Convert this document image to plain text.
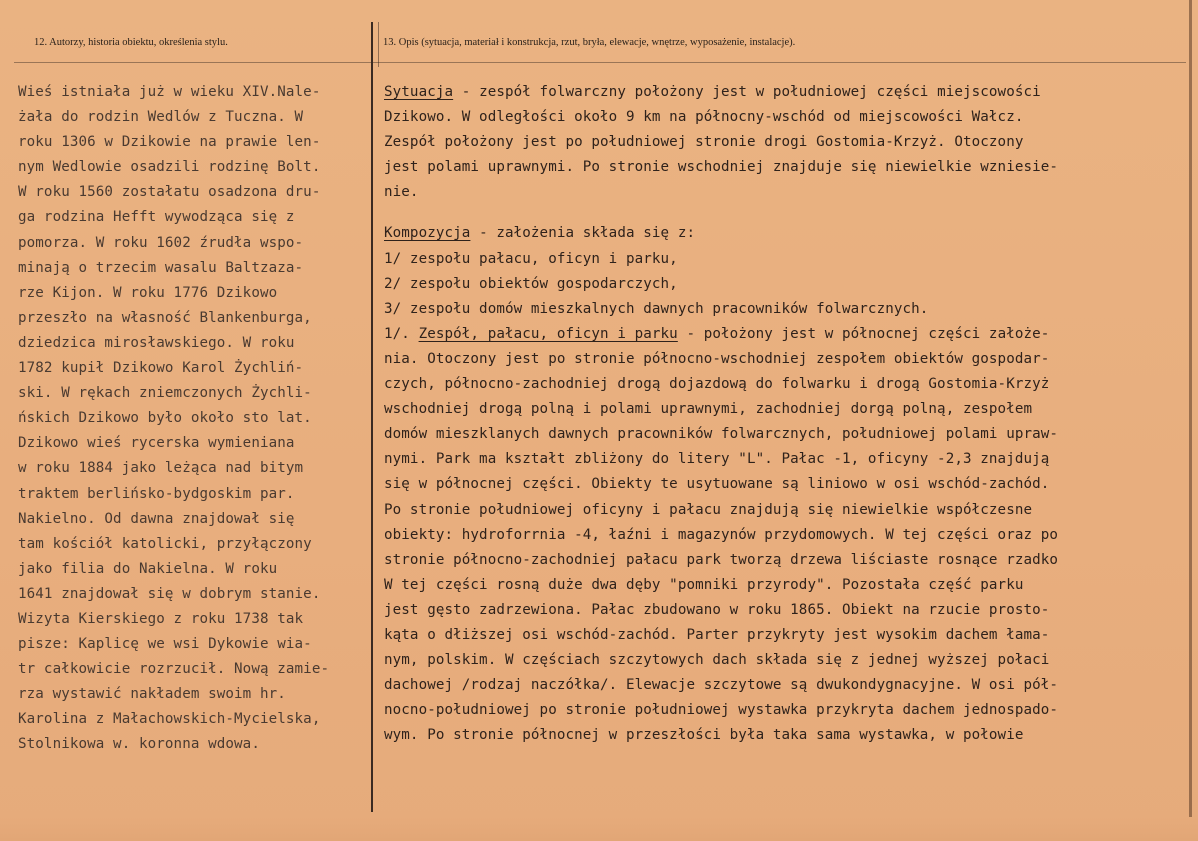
12. Autorzy, historia obiektu, określenia stylu.	13. Opis (sytuacja, materiał i konstrukcja, rzut, bryła, elewacje, wnętrze, wyposażenie, instalacje).
Wieś istniała już w wieku XIV.Nale-
żała do rodzin Wedlów z Tuczna. W
roku 1306 w Dzikowie na prawie len-
nym Wedlowie osadzili rodzinę Bolt.
W roku 1560 zostałatu osadzona dru-
ga rodzina Hefft wywodząca się z
pomorza. W roku 1602 źrudła wspo-
minają o trzecim wasalu Baltzaza-
rze Kijon. W roku 1776 Dzikowo
przeszło na własność Blankenburga,
dziedzica mirosławskiego. W roku
1782 kupił Dzikowo Karol Żychliń-
ski. W rękach zniemczonych Żychli-
ńskich Dzikowo było około sto lat.
Dzikowo wieś rycerska wymieniana
w roku 1884 jako leżąca nad bitym
traktem berlińsko-bydgoskim par.
Nakielno. Od dawna znajdował się
tam kościół katolicki, przyłączony
jako filia do Nakielna. W roku
1641 znajdował się w dobrym stanie.
Wizyta Kierskiego z roku 1738 tak
pisze: Kaplicę we wsi Dykowie wia-
tr całkowicie rozrzucił. Nową zamie-
rza wystawić nakładem swoim hr.
Karolina z Małachowskich-Mycielska,
Stolnikowa w. koronna wdowa.
Sytuacja - zespół folwarczny położony jest w południowej części miejscowości
Dzikowo. W odległości około 9 km na północny-wschód od miejscowości Wałcz.
Zespół położony jest po południowej stronie drogi Gostomia-Krzyż. Otoczony
jest polami uprawnymi. Po stronie wschodniej znajduje się niewielkie wzniesie-
nie.
Kompozycja - założenia składa się z:
1/ zespołu pałacu, oficyn i parku,
2/ zespołu obiektów gospodarczych,
3/ zespołu domów mieszkalnych dawnych pracowników folwarcznych.
1/. Zespół, pałacu, oficyn i parku - położony jest w północnej części założe-
nia. Otoczony jest po stronie północno-wschodniej zespołem obiektów gospodar-
czych, północno-zachodniej drogą dojazdową do folwarku i drogą Gostomia-Krzyż
wschodniej drogą polną i polami uprawnymi, zachodniej dorgą polną, zespołem
domów mieszklanych dawnych pracowników folwarcznych, południowej polami upraw-
nymi. Park ma kształt zbliżony do litery "L". Pałac -1, oficyny -2,3 znajdują
się w północnej części. Obiekty te usytuowane są liniowo w osi wschód-zachód.
Po stronie południowej oficyny i pałacu znajdują się niewielkie współczesne
obiekty: hydroforrnia -4, łaźni i magazynów przydomowych. W tej części oraz po
stronie północno-zachodniej pałacu park tworzą drzewa liściaste rosnące rzadko
W tej części rosną duże dwa dęby "pomniki przyrody". Pozostała część parku
jest gęsto zadrzewiona. Pałac zbudowano w roku 1865. Obiekt na rzucie prosto-
kąta o dłiższej osi wschód-zachód. Parter przykryty jest wysokim dachem łama-
nym, polskim. W częściach szczytowych dach składa się z jednej wyższej połaci
dachowej /rodzaj naczółka/. Elewacje szczytowe są dwukondygnacyjne. W osi pół-
nocno-południowej po stronie południowej wystawka przykryta dachem jednospado-
wym. Po stronie północnej w przeszłości była taka sama wystawka, w połowie
